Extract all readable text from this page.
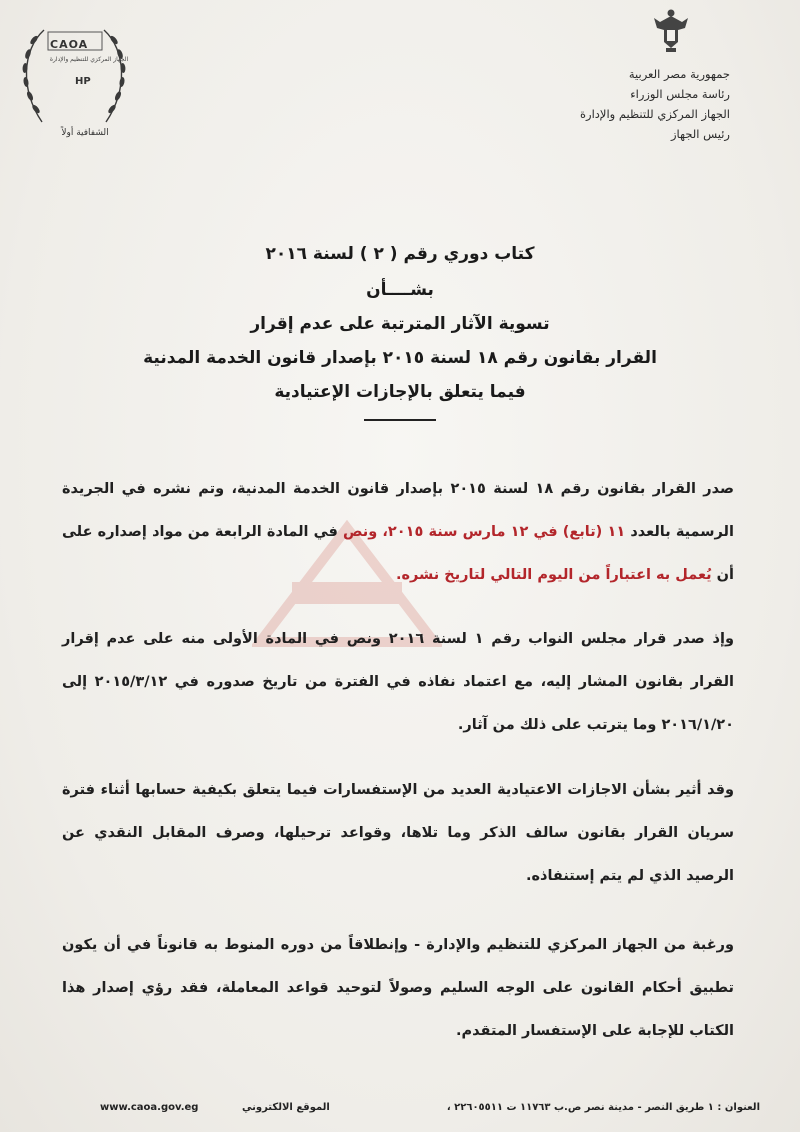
CAOA
الجهاز المركزي للتنظيم والإدارة
HP
الشفافية أولاً
جمهورية مصر العربية
رئاسة مجلس الوزراء
الجهاز المركزي للتنظيم والإدارة
رئيس الجهاز
كتاب دوري رقم ( ٢ ) لسنة ٢٠١٦
بشــــأن
تسوية الآثار المترتبة على عدم إقرار
القرار بقانون رقم ١٨ لسنة ٢٠١٥ بإصدار قانون الخدمة المدنية
فيما يتعلق بالإجازات الإعتيادية

صدر القرار بقانون رقم ١٨ لسنة ٢٠١٥ بإصدار قانون الخدمة المدنية، وتم نشره في الجريدة الرسمية بالعدد ١١ (تابع) في ١٢ مارس سنة ٢٠١٥، ونص في المادة الرابعة من مواد إصداره على أن يُعمل به اعتباراً من اليوم التالي لتاريخ نشره.

وإذ صدر قرار مجلس النواب رقم ١ لسنة ٢٠١٦ ونص في المادة الأولى منه على عدم إقرار القرار بقانون المشار إليه، مع اعتماد نفاذه في الفترة من تاريخ صدوره في ٢٠١٥/٣/١٢ إلى ٢٠١٦/١/٢٠ وما يترتب على ذلك من آثار.

وقد أثير بشأن الاجازات الاعتيادية العديد من الإستفسارات فيما يتعلق بكيفية حسابها أثناء فترة سريان القرار بقانون سالف الذكر وما تلاها، وقواعد ترحيلها، وصرف المقابل النقدي عن الرصيد الذي لم يتم إستنفاذه.

ورغبة من الجهاز المركزي للتنظيم والإدارة - وإنطلاقاً من دوره المنوط به قانوناً في أن يكون تطبيق أحكام القانون على الوجه السليم وصولاً لتوحيد قواعد المعاملة، فقد رؤي إصدار هذا الكتاب للإجابة على الإستفسار المتقدم.

www.caoa.gov.eg	الموقع الالكتروني	العنوان : ١ طريق النصر - مدينة نصر ص.ب ١١٧٦٣ ت ٢٢٦٠٥٥١١ ،
